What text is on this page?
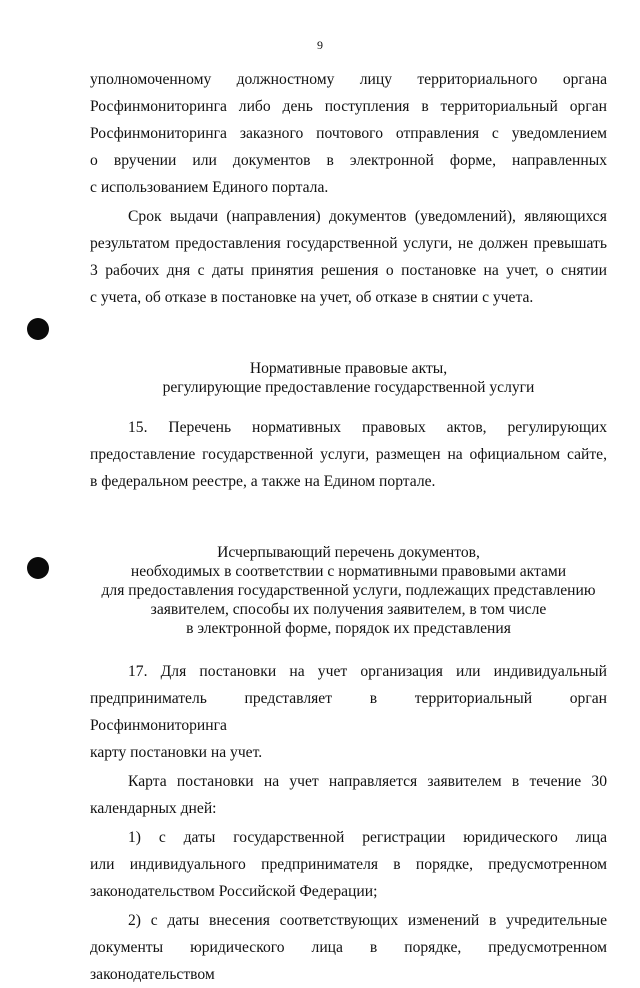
9

уполномоченному должностному лицу территориального органа
Росфинмониторинга либо день поступления в территориальный орган
Росфинмониторинга заказного почтового отправления с уведомлением
о вручении или документов в электронной форме, направленных
с использованием Единого портала.

Срок выдачи (направления) документов (уведомлений), являющихся
результатом предоставления государственной услуги, не должен превышать
3 рабочих дня с даты принятия решения о постановке на учет, о снятии
с учета, об отказе в постановке на учет, об отказе в снятии с учета.

Нормативные правовые акты,
регулирующие предоставление государственной услуги

15. Перечень нормативных правовых актов, регулирующих
предоставление государственной услуги, размещен на официальном сайте,
в федеральном реестре, а также на Едином портале.

Исчерпывающий перечень документов,
необходимых в соответствии с нормативными правовыми актами
для предоставления государственной услуги, подлежащих представлению
заявителем, способы их получения заявителем, в том числе
в электронной форме, порядок их представления

17. Для постановки на учет организация или индивидуальный
предприниматель представляет в территориальный орган Росфинмониторинга
карту постановки на учет.

Карта постановки на учет направляется заявителем в течение 30
календарных дней:

1) с даты государственной регистрации юридического лица
или индивидуального предпринимателя в порядке, предусмотренном
законодательством Российской Федерации;

2) с даты внесения соответствующих изменений в учредительные
документы юридического лица в порядке, предусмотренном законодательством
